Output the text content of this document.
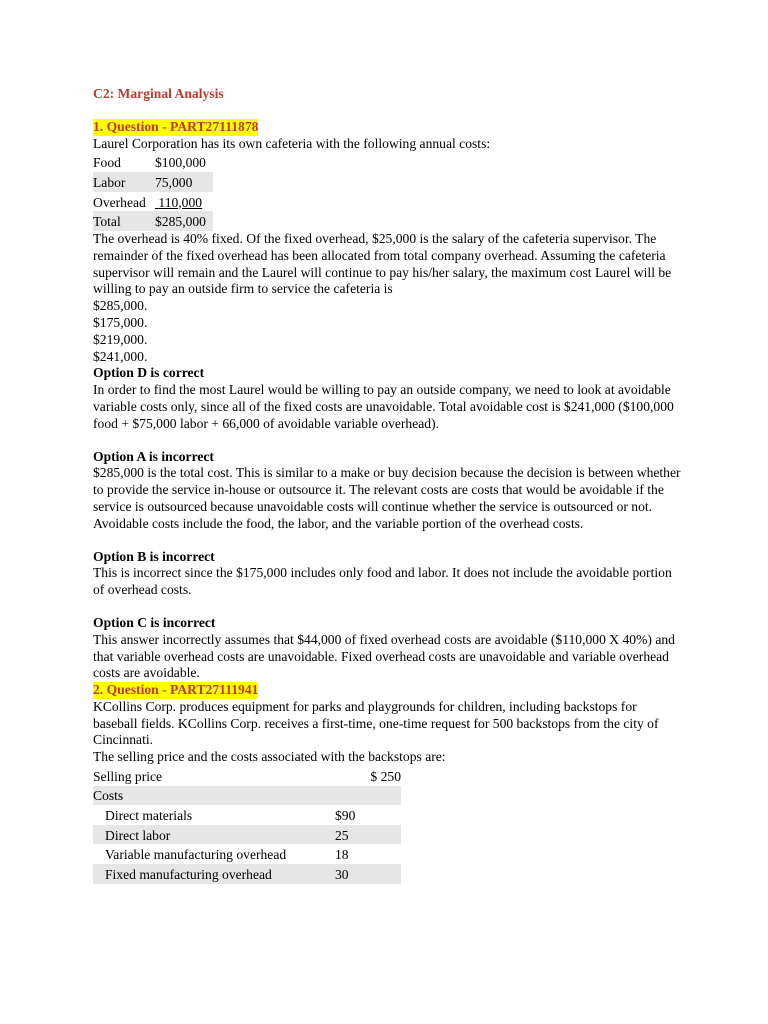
C2: Marginal Analysis

1. Question - PART27111878

Laurel Corporation has its own cafeteria with the following annual costs:

Food	$100,000
Labor	75,000
Overhead	110,000
Total	$285,000

The overhead is 40% fixed. Of the fixed overhead, $25,000 is the salary of the cafeteria supervisor. The remainder of the fixed overhead has been allocated from total company overhead. Assuming the cafeteria supervisor will remain and the Laurel will continue to pay his/her salary, the maximum cost Laurel will be willing to pay an outside firm to service the cafeteria is

$285,000.

$175,000.

$219,000.

$241,000.

Option D is correct

In order to find the most Laurel would be willing to pay an outside company, we need to look at avoidable variable costs only, since all of the fixed costs are unavoidable. Total avoidable cost is $241,000 ($100,000 food + $75,000 labor + 66,000 of avoidable variable overhead).

Option A is incorrect

$285,000 is the total cost. This is similar to a make or buy decision because the decision is between whether to provide the service in-house or outsource it. The relevant costs are costs that would be avoidable if the service is outsourced because unavoidable costs will continue whether the service is outsourced or not. Avoidable costs include the food, the labor, and the variable portion of the overhead costs.

Option B is incorrect

This is incorrect since the $175,000 includes only food and labor. It does not include the avoidable portion of overhead costs.

Option C is incorrect

This answer incorrectly assumes that $44,000 of fixed overhead costs are avoidable ($110,000 X 40%) and that variable overhead costs are unavoidable. Fixed overhead costs are unavoidable and variable overhead costs are avoidable.

2. Question - PART27111941

KCollins Corp. produces equipment for parks and playgrounds for children, including backstops for baseball fields. KCollins Corp. receives a first-time, one-time request for 500 backstops from the city of Cincinnati.

The selling price and the costs associated with the backstops are:

Selling price	$ 250
Costs	
Direct materials	$90
Direct labor	25
Variable manufacturing overhead	18
Fixed manufacturing overhead	30
